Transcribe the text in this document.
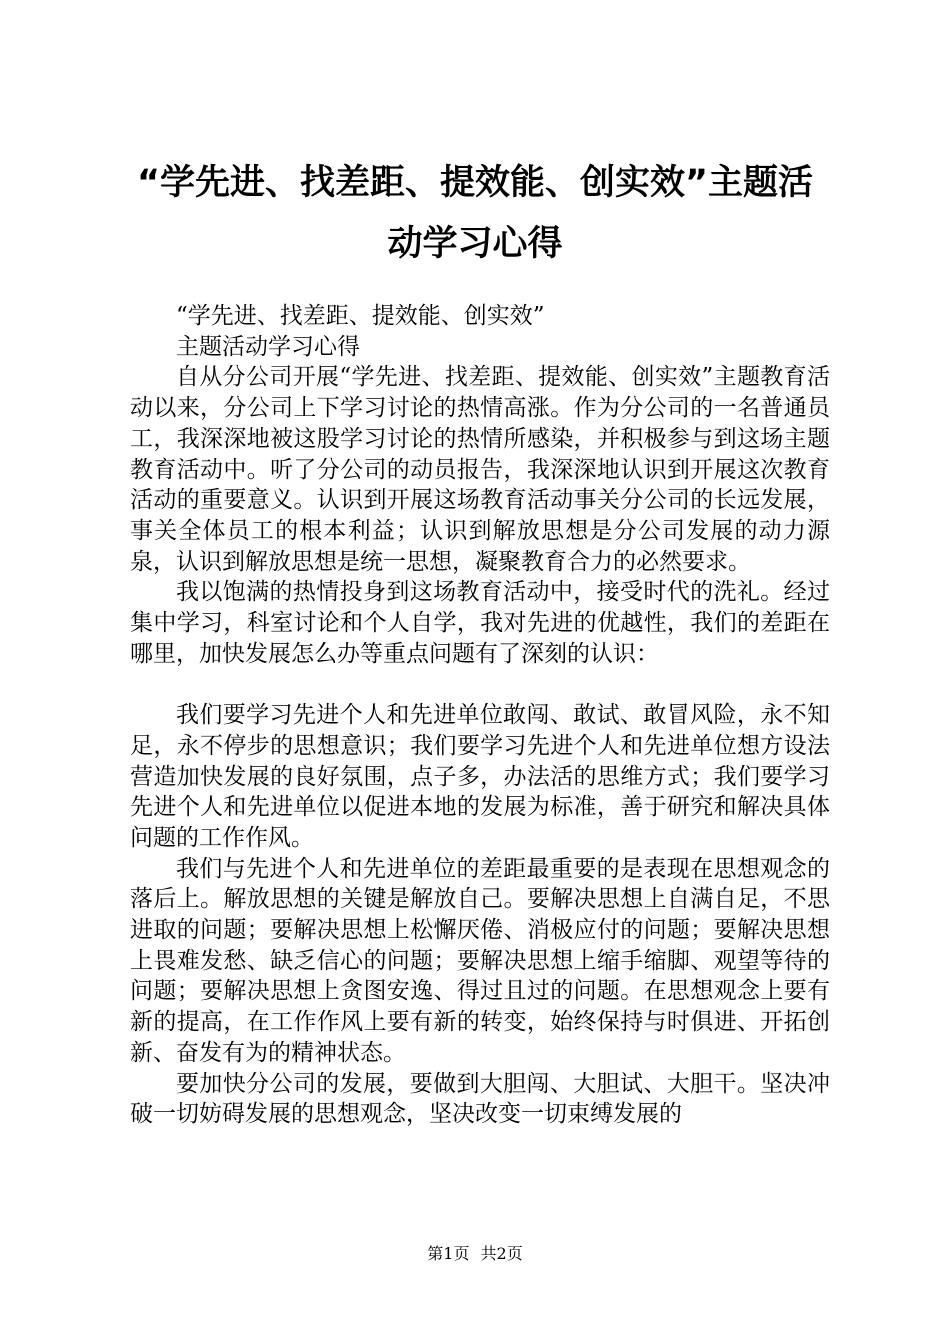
“学先进、找差距、提效能、创实效”主题活
动学习心得

“学先进、找差距、提效能、创实效”

主题活动学习心得

自从分公司开展“学先进、找差距、提效能、创实效”主题教育活动以来，分公司上下学习讨论的热情高涨。作为分公司的一名普通员工，我深深地被这股学习讨论的热情所感染，并积极参与到这场主题教育活动中。听了分公司的动员报告，我深深地认识到开展这次教育活动的重要意义。认识到开展这场教育活动事关分公司的长远发展，事关全体员工的根本利益；认识到解放思想是分公司发展的动力源泉，认识到解放思想是统一思想，凝聚教育合力的必然要求。

我以饱满的热情投身到这场教育活动中，接受时代的洗礼。经过集中学习，科室讨论和个人自学，我对先进的优越性，我们的差距在哪里，加快发展怎么办等重点问题有了深刻的认识：

我们要学习先进个人和先进单位敢闯、敢试、敢冒风险，永不知足，永不停步的思想意识；我们要学习先进个人和先进单位想方设法营造加快发展的良好氛围，点子多，办法活的思维方式；我们要学习先进个人和先进单位以促进本地的发展为标准，善于研究和解决具体问题的工作作风。

我们与先进个人和先进单位的差距最重要的是表现在思想观念的落后上。解放思想的关键是解放自己。要解决思想上自满自足，不思进取的问题；要解决思想上松懈厌倦、消极应付的问题；要解决思想上畏难发愁、缺乏信心的问题；要解决思想上缩手缩脚、观望等待的问题；要解决思想上贪图安逸、得过且过的问题。在思想观念上要有新的提高，在工作作风上要有新的转变，始终保持与时俱进、开拓创新、奋发有为的精神状态。

要加快分公司的发展，要做到大胆闯、大胆试、大胆干。坚决冲破一切妨碍发展的思想观念，坚决改变一切束缚发展的

第1页 共2页
